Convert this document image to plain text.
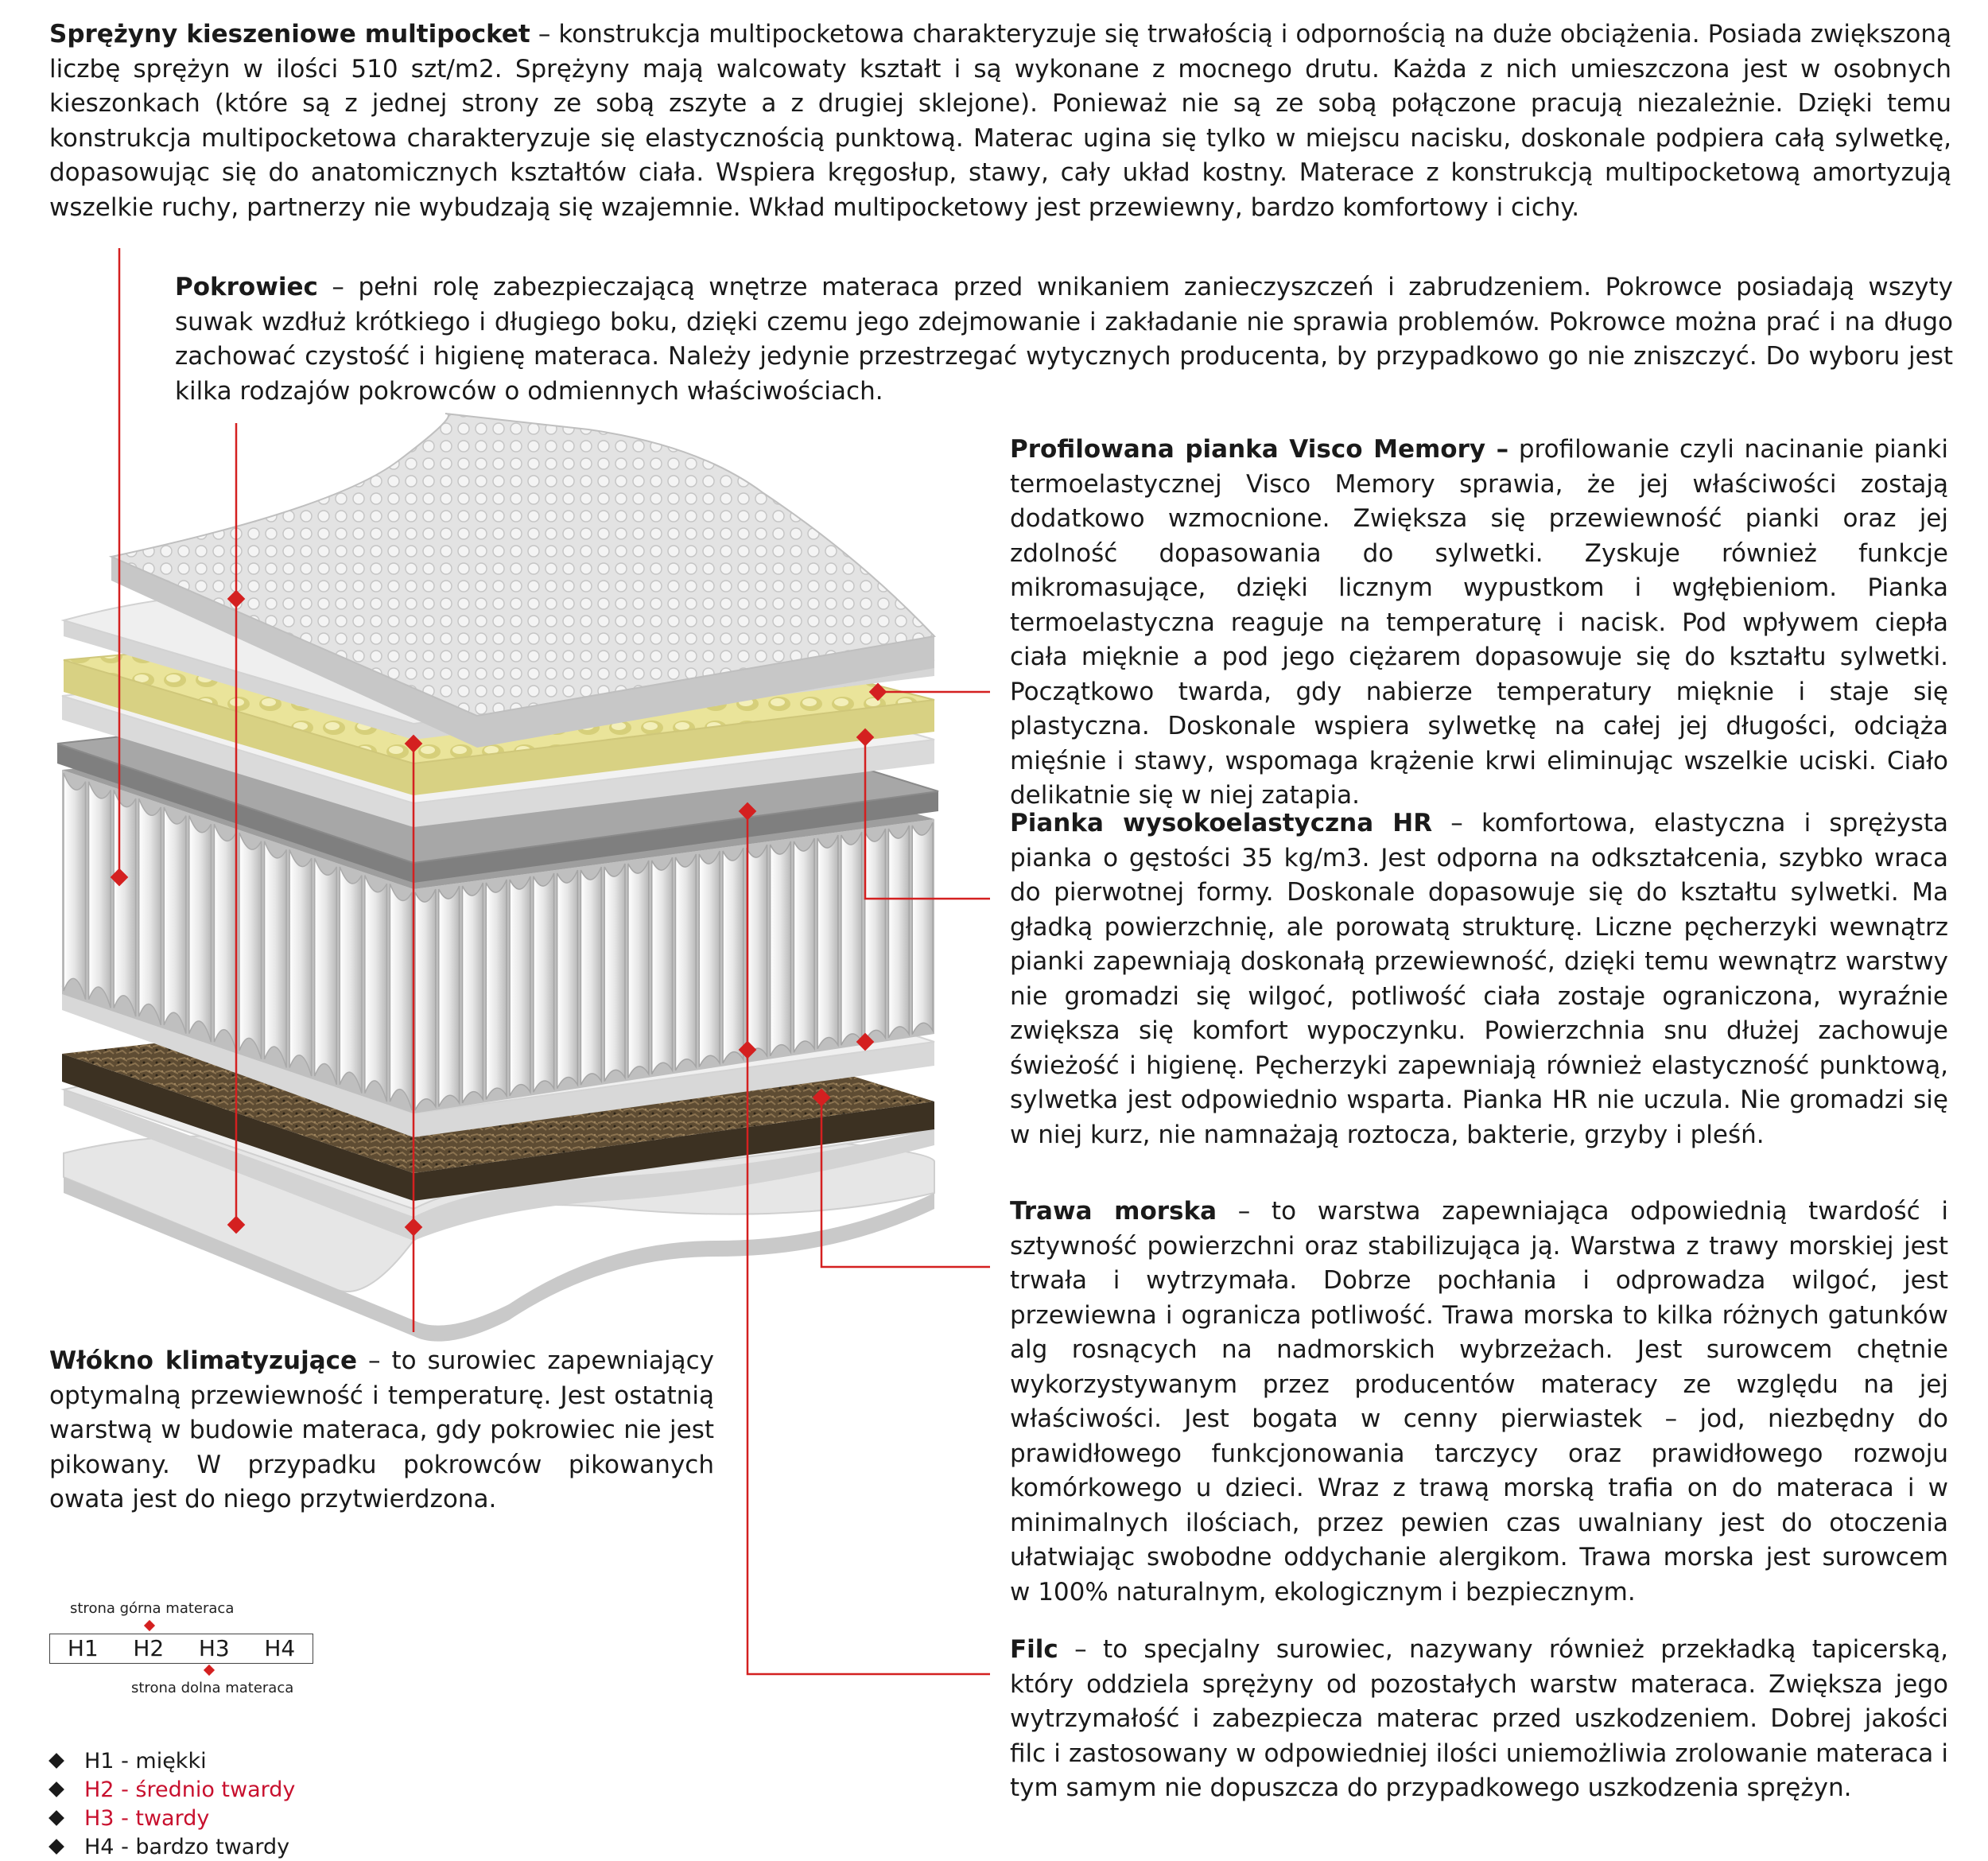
Sprężyny kieszeniowe multipocket – konstrukcja multipocketowa charakteryzuje się trwałością i odpornością na duże obciążenia. Posiada zwiększoną liczbę sprężyn w ilości 510 szt/m2. Sprężyny mają walcowaty kształt i są wykonane z mocnego drutu. Każda z nich umieszczona jest w osobnych kieszonkach (które są z jednej strony ze sobą zszyte a z drugiej sklejone). Ponieważ nie są ze sobą połączone pracują niezależnie. Dzięki temu konstrukcja multipocketowa charakteryzuje się elastycznością punktową. Materac ugina się tylko w miejscu nacisku, doskonale podpiera całą sylwetkę, dopasowując się do anatomicznych kształtów ciała. Wspiera kręgosłup, stawy, cały układ kostny. Materace z konstrukcją multipocketową amortyzują wszelkie ruchy, partnerzy nie wybudzają się wzajemnie. Wkład multipocketowy jest przewiewny, bardzo komfortowy i cichy.
Pokrowiec – pełni rolę zabezpieczającą wnętrze materaca przed wnikaniem zanieczyszczeń i zabrudzeniem. Pokrowce posiadają wszyty suwak wzdłuż krótkiego i długiego boku, dzięki czemu jego zdejmowanie i zakładanie nie sprawia problemów. Pokrowce można prać i na długo zachować czystość i higienę materaca. Należy jedynie przestrzegać wytycznych producenta, by przypadkowo go nie zniszczyć. Do wyboru jest kilka rodzajów pokrowców o odmiennych właściwościach.
Profilowana pianka Visco Memory – profilowanie czyli nacinanie pianki termoelastycznej Visco Memory sprawia, że jej właściwości zostają dodatkowo wzmocnione. Zwiększa się przewiewność pianki oraz jej zdolność dopasowania do sylwetki. Zyskuje również funkcje mikromasujące, dzięki licznym wypustkom i wgłębieniom. Pianka termoelastyczna reaguje na temperaturę i nacisk. Pod wpływem ciepła ciała mięknie a pod jego ciężarem dopasowuje się do kształtu sylwetki. Początkowo twarda, gdy nabierze temperatury mięknie i staje się plastyczna. Doskonale wspiera sylwetkę na całej jej długości, odciąża mięśnie i stawy, wspomaga krążenie krwi eliminując wszelkie uciski. Ciało delikatnie się w niej zatapia.
Pianka wysokoelastyczna HR – komfortowa, elastyczna i sprężysta pianka o gęstości 35 kg/m3. Jest odporna na odkształcenia, szybko wraca do pierwotnej formy. Doskonale dopasowuje się do kształtu sylwetki. Ma gładką powierzchnię, ale porowatą strukturę. Liczne pęcherzyki wewnątrz pianki zapewniają doskonałą przewiewność, dzięki temu wewnątrz warstwy nie gromadzi się wilgoć, potliwość ciała zostaje ograniczona, wyraźnie zwiększa się komfort wypoczynku. Powierzchnia snu dłużej zachowuje świeżość i higienę. Pęcherzyki zapewniają również elastyczność punktową, sylwetka jest odpowiednio wsparta. Pianka HR nie uczula. Nie gromadzi się w niej kurz, nie namnażają roztocza, bakterie, grzyby i pleśń.
Trawa morska – to warstwa zapewniająca odpowiednią twardość i sztywność powierzchni oraz stabilizująca ją. Warstwa z trawy morskiej jest trwała i wytrzymała. Dobrze pochłania i odprowadza wilgoć, jest przewiewna i ogranicza potliwość. Trawa morska to kilka różnych gatunków alg rosnących na nadmorskich wybrzeżach. Jest surowcem chętnie wykorzystywanym przez producentów materacy ze względu na jej właściwości. Jest bogata w cenny pierwiastek – jod, niezbędny do prawidłowego funkcjonowania tarczycy oraz prawidłowego rozwoju komórkowego u dzieci. Wraz z trawą morską trafia on do materaca i w minimalnych ilościach, przez pewien czas uwalniany jest do otoczenia ułatwiając swobodne oddychanie alergikom. Trawa morska jest surowcem w 100% naturalnym, ekologicznym i bezpiecznym.
Filc – to specjalny surowiec, nazywany również przekładką tapicerską, który oddziela sprężyny od pozostałych warstw materaca. Zwiększa jego wytrzymałość i zabezpiecza materac przed uszkodzeniem. Dobrej jakości filc i zastosowany w odpowiedniej ilości uniemożliwia zrolowanie materaca i tym samym nie dopuszcza do przypadkowego uszkodzenia sprężyn.
Włókno klimatyzujące – to surowiec zapewniający optymalną przewiewność i temperaturę. Jest ostatnią warstwą w budowie materaca, gdy pokrowiec nie jest pikowany. W przypadku pokrowców pikowanych owata jest do niego przytwierdzona.
strona górna materaca
H1	H2	H3	H4
strona dolna materaca
H1 - miękki
H2 - średnio twardy
H3 - twardy
H4 - bardzo twardy
